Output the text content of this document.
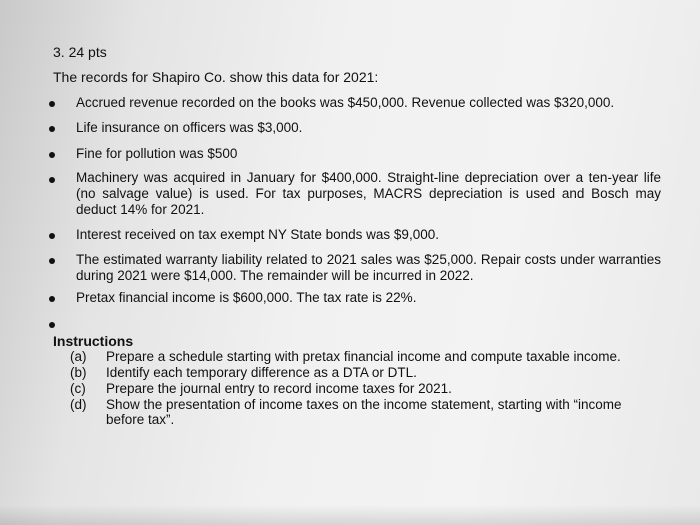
3. 24 pts
The records for Shapiro Co. show this data for 2021:
Accrued revenue recorded on the books was $450,000. Revenue collected was $320,000.
Life insurance on officers was $3,000.
Fine for pollution was $500
Machinery was acquired in January for $400,000. Straight-line depreciation over a ten-year life (no salvage value) is used. For tax purposes, MACRS depreciation is used and Bosch may deduct 14% for 2021.
Interest received on tax exempt NY State bonds was $9,000.
The estimated warranty liability related to 2021 sales was $25,000. Repair costs under warranties during 2021 were $14,000. The remainder will be incurred in 2022.
Pretax financial income is $600,000. The tax rate is 22%.
Instructions
(a) Prepare a schedule starting with pretax financial income and compute taxable income.
(b) Identify each temporary difference as a DTA or DTL.
(c) Prepare the journal entry to record income taxes for 2021.
(d) Show the presentation of income taxes on the income statement, starting with “income before tax”.
